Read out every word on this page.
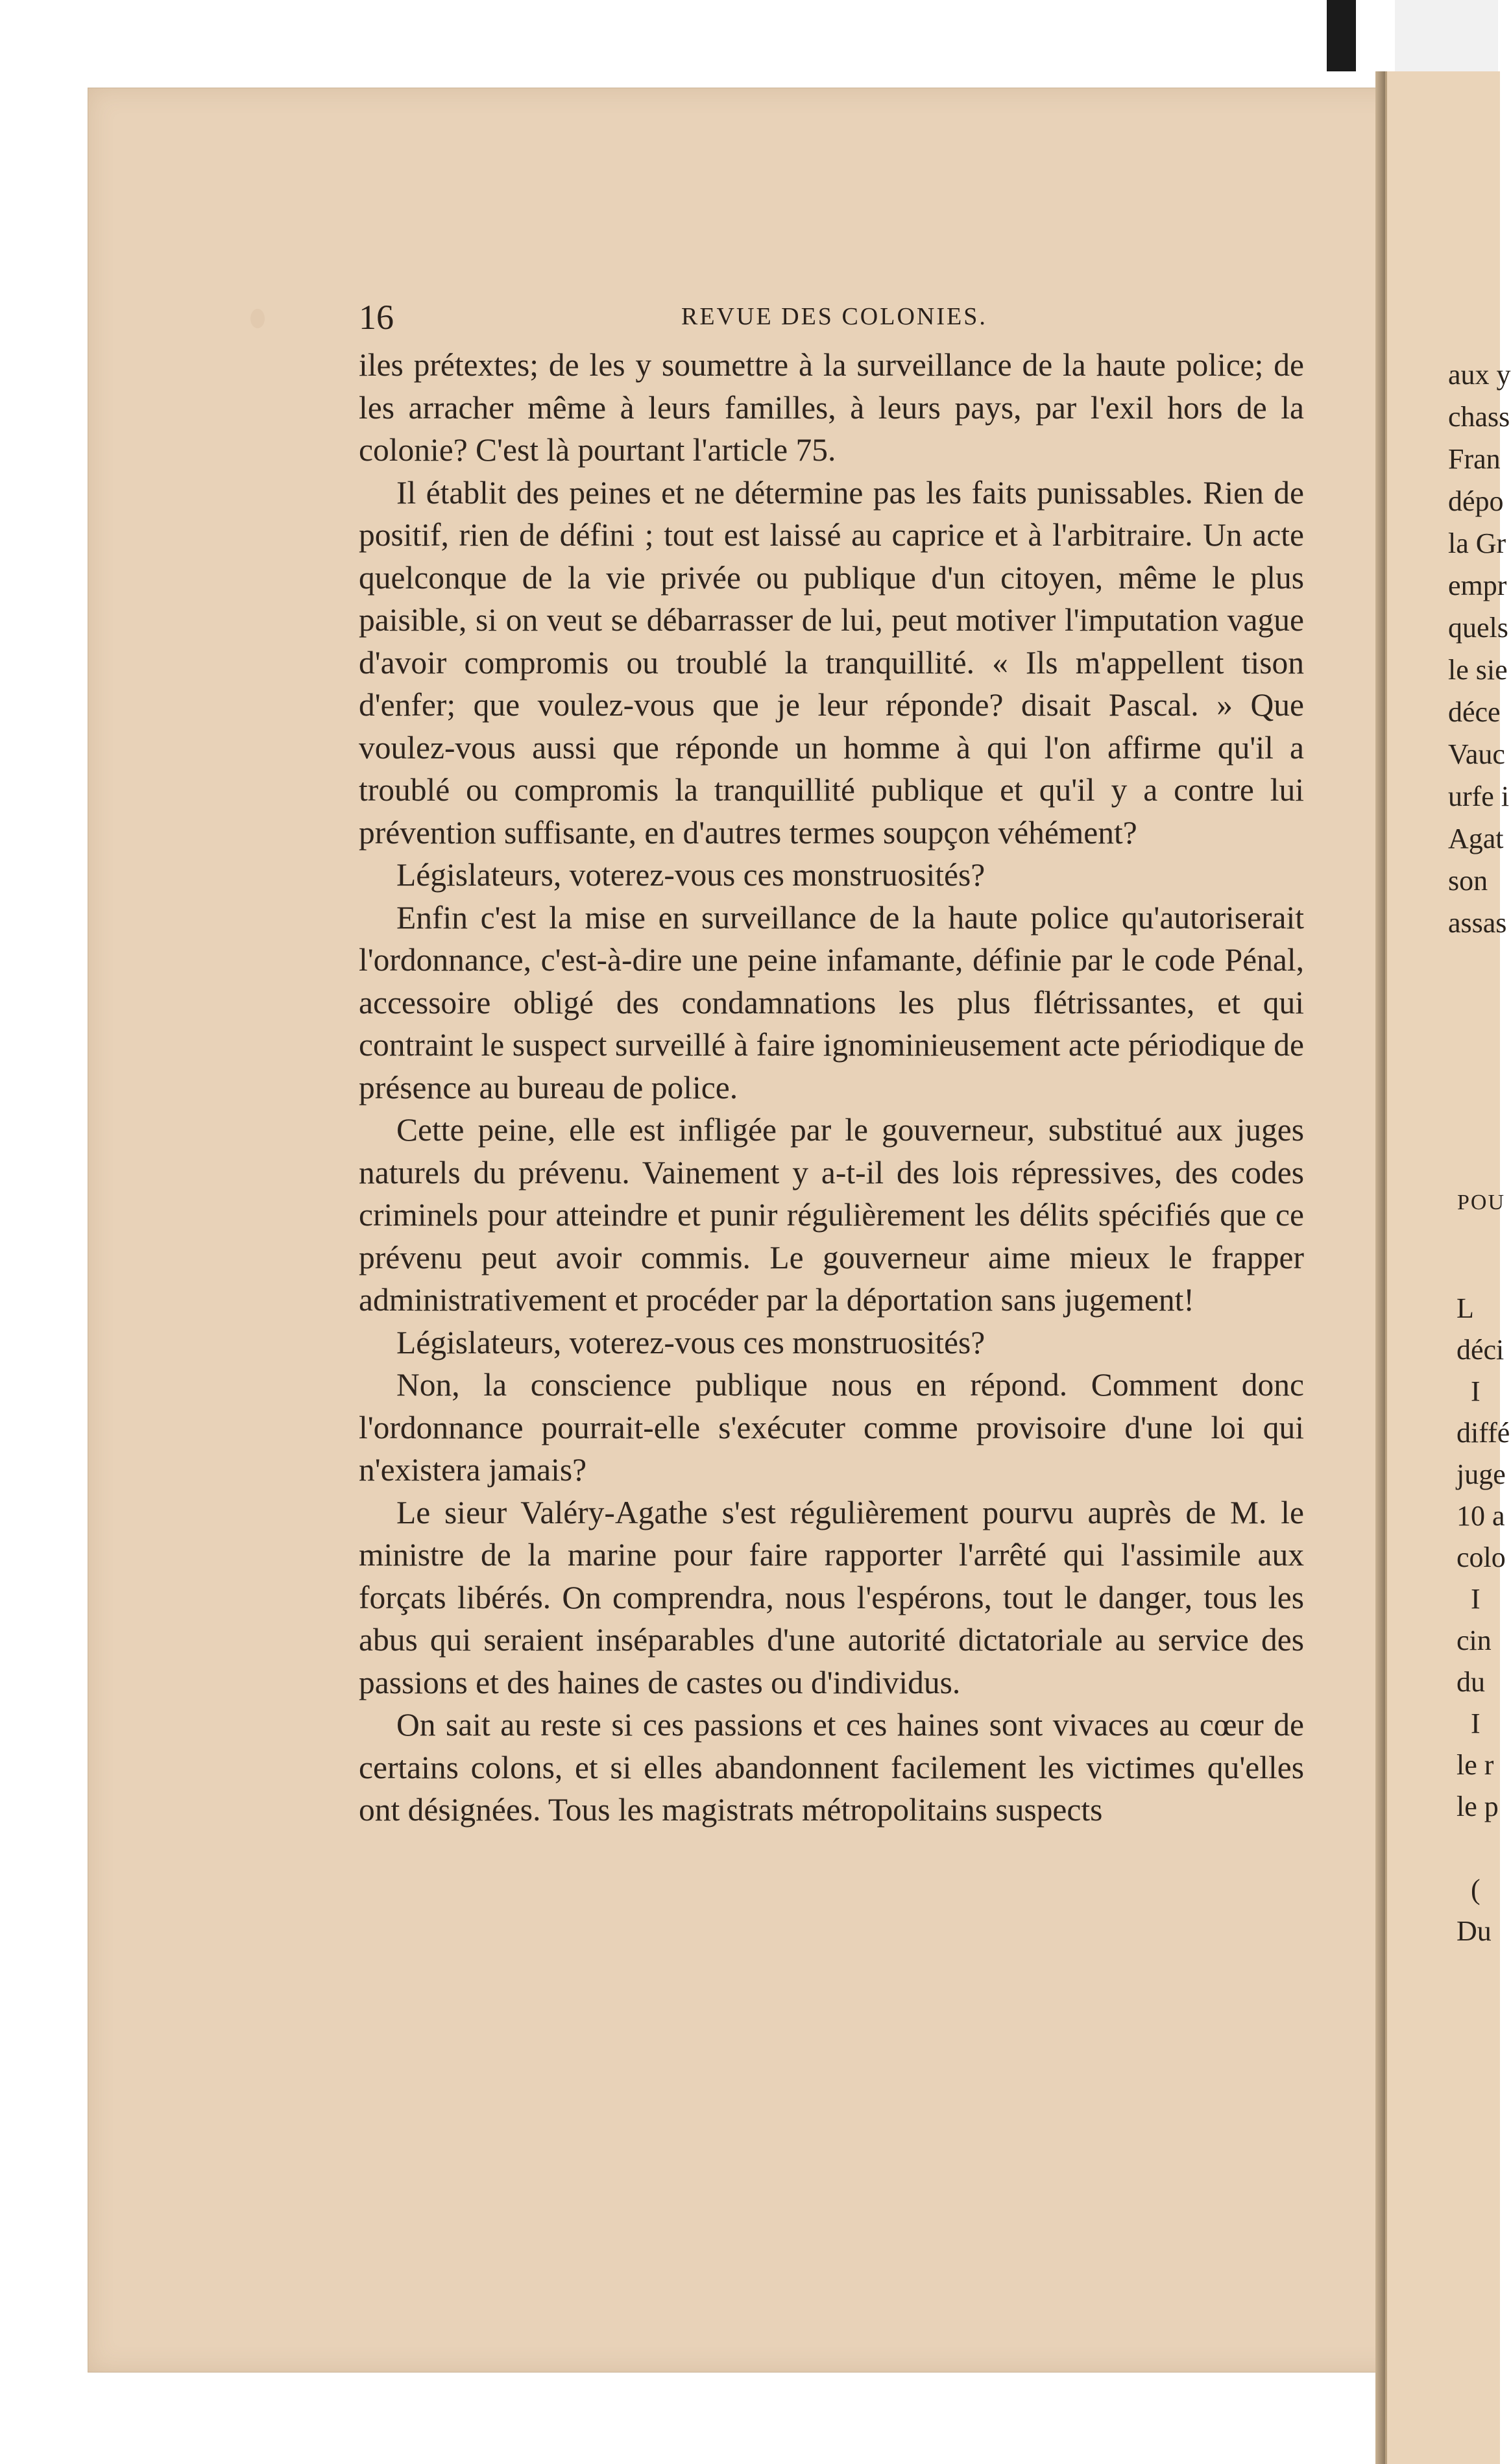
16	REVUE DES COLONIES.

iles prétextes; de les y soumettre à la surveillance de la haute police; de les arracher même à leurs familles, à leurs pays, par l'exil hors de la colonie? C'est là pourtant l'article 75.

Il établit des peines et ne détermine pas les faits punissables. Rien de positif, rien de défini ; tout est laissé au caprice et à l'arbitraire. Un acte quelconque de la vie privée ou publique d'un citoyen, même le plus paisible, si on veut se débarrasser de lui, peut motiver l'imputation vague d'avoir compromis ou troublé la tranquillité. « Ils m'appellent tison d'enfer; que voulez-vous que je leur réponde? disait Pascal. » Que voulez-vous aussi que réponde un homme à qui l'on affirme qu'il a troublé ou compromis la tranquillité publique et qu'il y a contre lui prévention suffisante, en d'autres termes soupçon véhément?

Législateurs, voterez-vous ces monstruosités?

Enfin c'est la mise en surveillance de la haute police qu'autoriserait l'ordonnance, c'est-à-dire une peine infamante, définie par le code Pénal, accessoire obligé des condamnations les plus flétrissantes, et qui contraint le suspect surveillé à faire ignominieusement acte périodique de présence au bureau de police.

Cette peine, elle est infligée par le gouverneur, substitué aux juges naturels du prévenu. Vainement y a-t-il des lois répressives, des codes criminels pour atteindre et punir régulièrement les délits spécifiés que ce prévenu peut avoir commis. Le gouverneur aime mieux le frapper administrativement et procéder par la déportation sans jugement!

Législateurs, voterez-vous ces monstruosités?

Non, la conscience publique nous en répond. Comment donc l'ordonnance pourrait-elle s'exécuter comme provisoire d'une loi qui n'existera jamais?

Le sieur Valéry-Agathe s'est régulièrement pourvu auprès de M. le ministre de la marine pour faire rapporter l'arrêté qui l'assimile aux forçats libérés. On comprendra, nous l'espérons, tout le danger, tous les abus qui seraient inséparables d'une autorité dictatoriale au service des passions et des haines de castes ou d'individus.

On sait au reste si ces passions et ces haines sont vivaces au cœur de certains colons, et si elles abandonnent facilement les victimes qu'elles ont désignées. Tous les magistrats métropolitains suspects

aux y
chass
Fran
dépo
la Gr
empr
quels
le sie
déce
Vauc
urfe i
Agat
son
assas
POU
L
déci
I
diffé
juge
10 a
colo
I
cin
du
I
le r
le p

(
Du
